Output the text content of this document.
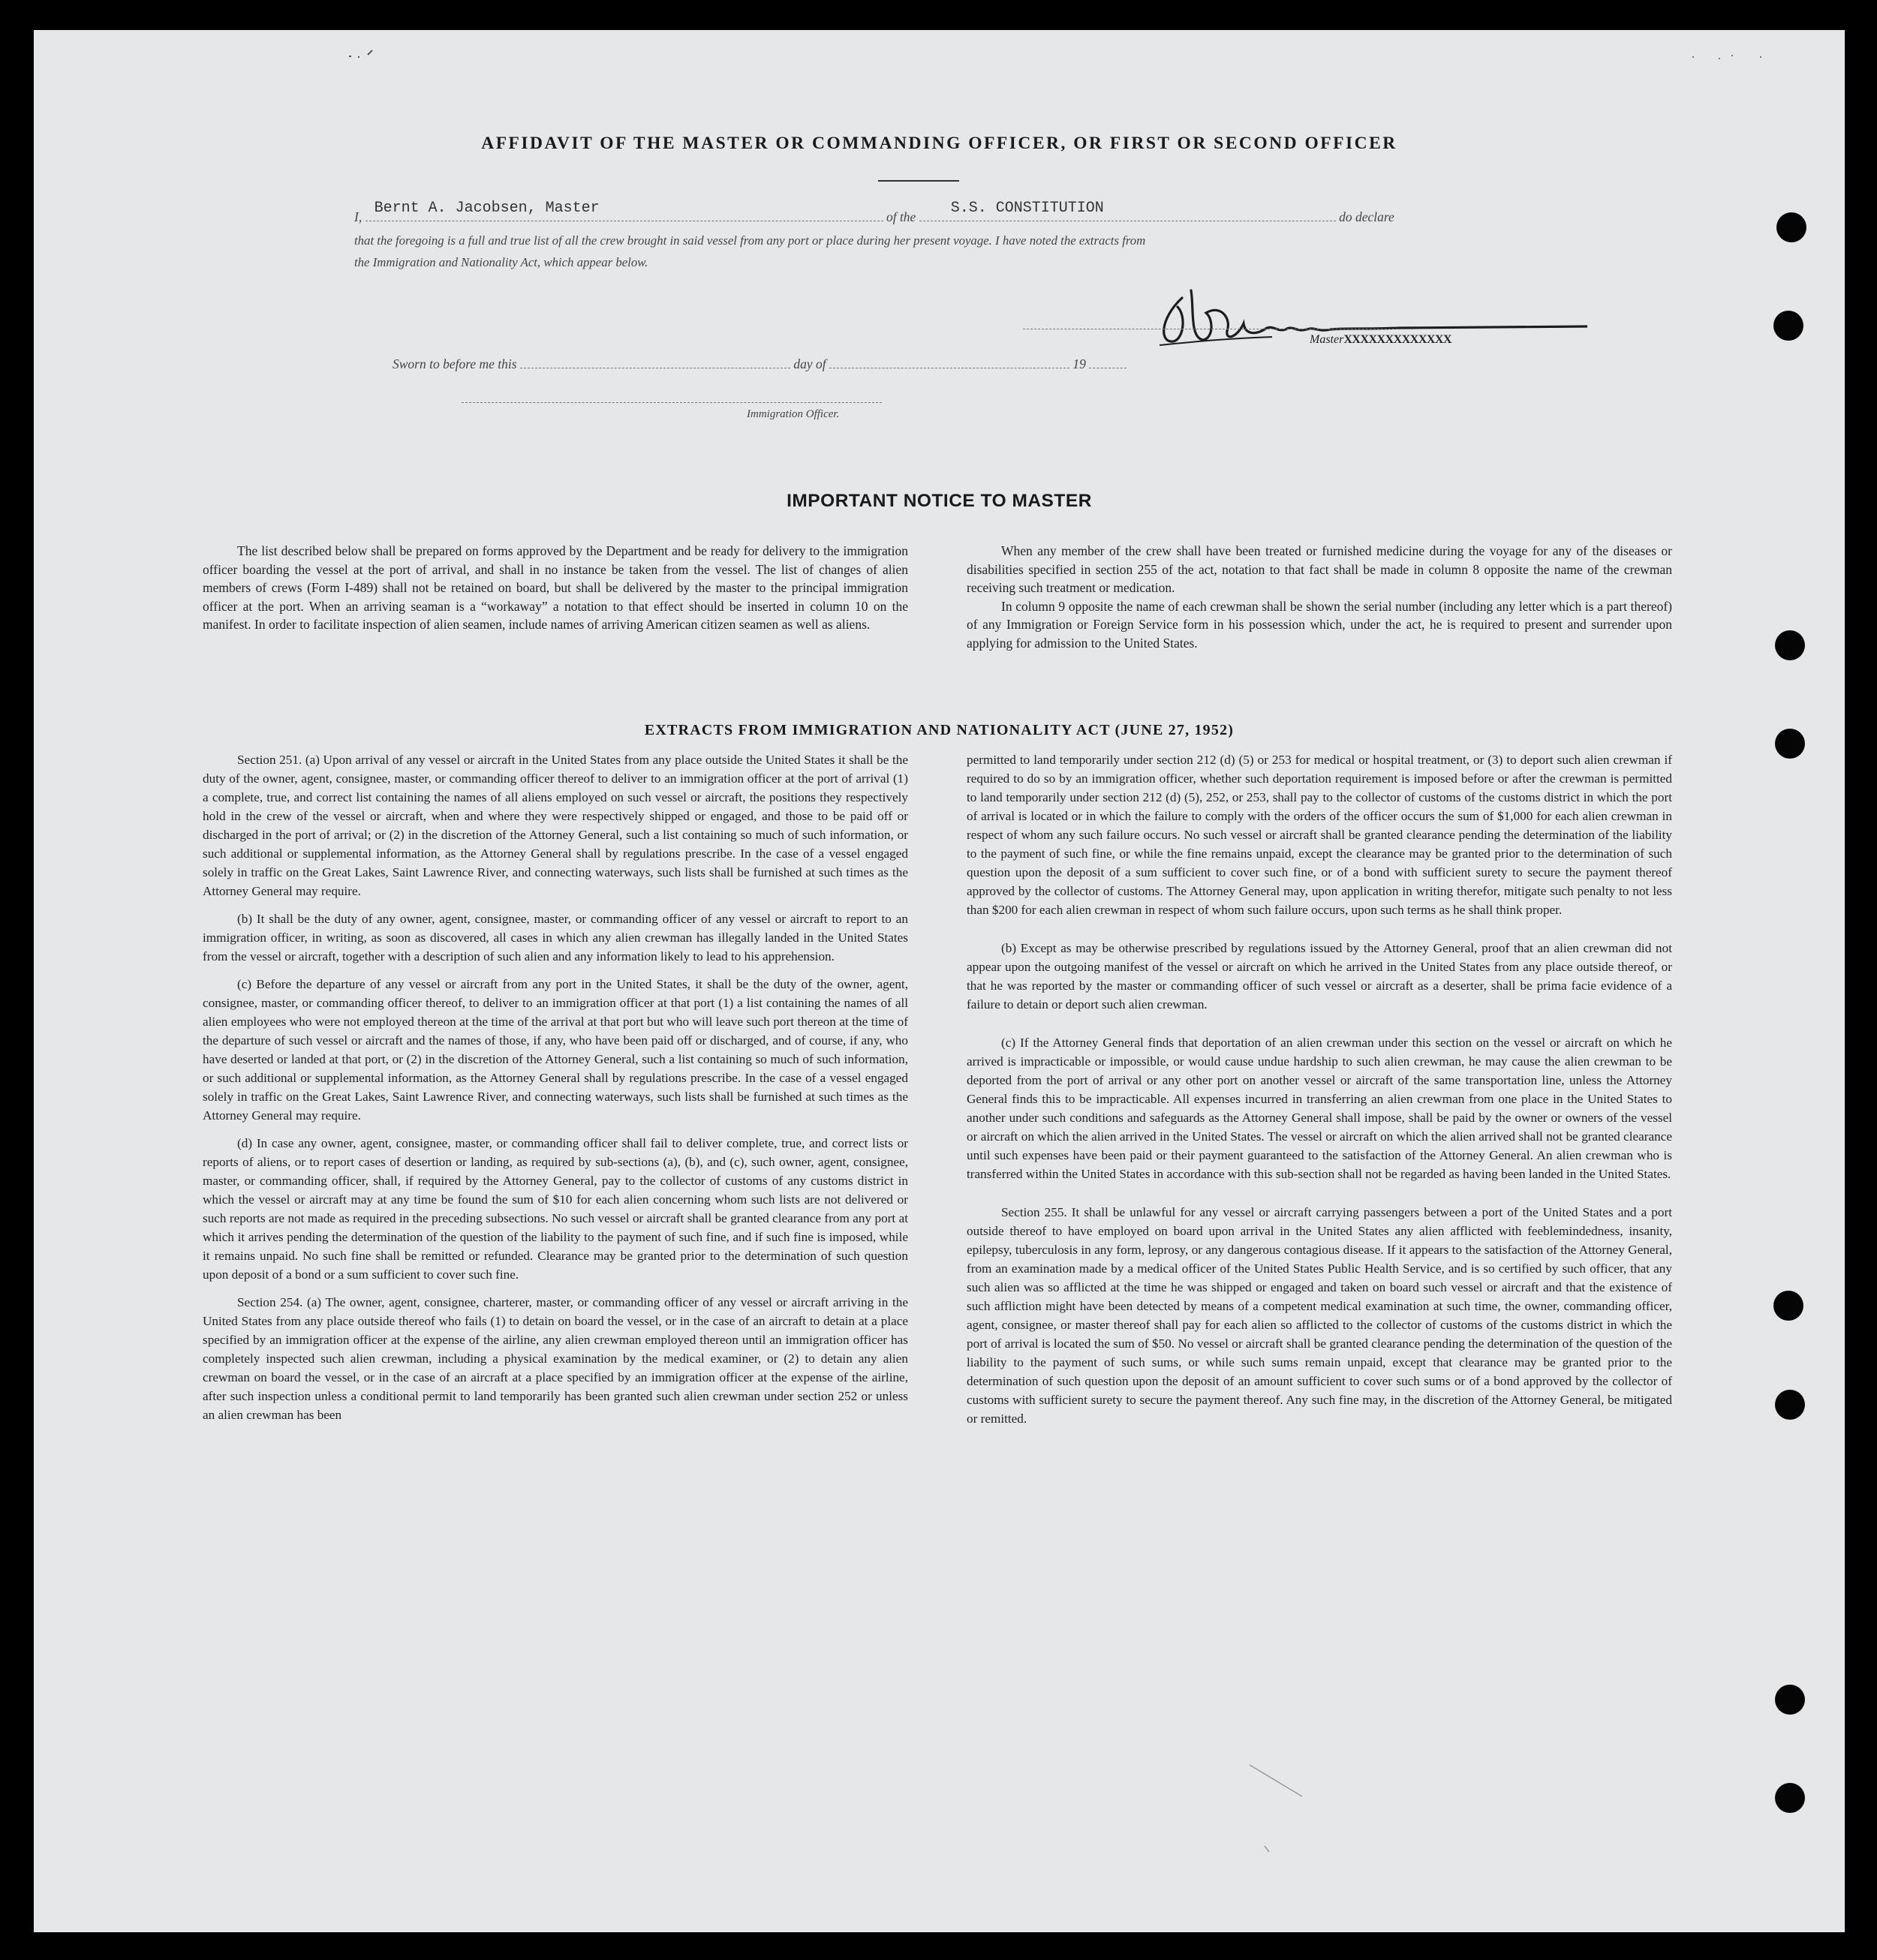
AFFIDAVIT OF THE MASTER OR COMMANDING OFFICER, OR FIRST OR SECOND OFFICER
I, Bernt A. Jacobsen, Master	of the S.S. CONSTITUTION	do declare
that the foregoing is a full and true list of all the crew brought in said vessel from any port or place during her present voyage. I have noted the extracts from
the Immigration and Nationality Act, which appear below.
MasterXXXXXXXXXXXXX
Sworn to before me this	day of	19
Immigration Officer.
IMPORTANT NOTICE TO MASTER

The list described below shall be prepared on forms approved by the Department and be ready for delivery to the immigration officer boarding the vessel at the port of arrival, and shall in no instance be taken from the vessel. The list of changes of alien members of crews (Form I-489) shall not be retained on board, but shall be delivered by the master to the principal immigration officer at the port. When an arriving seaman is a “workaway” a notation to that effect should be inserted in column 10 on the manifest. In order to facilitate inspection of alien seamen, include names of arriving American citizen seamen as well as aliens.

When any member of the crew shall have been treated or furnished medicine during the voyage for any of the diseases or disabilities specified in section 255 of the act, notation to that fact shall be made in column 8 opposite the name of the crewman receiving such treatment or medication.

In column 9 opposite the name of each crewman shall be shown the serial number (including any letter which is a part thereof) of any Immigration or Foreign Service form in his possession which, under the act, he is required to present and surrender upon applying for admission to the United States.

EXTRACTS FROM IMMIGRATION AND NATIONALITY ACT (JUNE 27, 1952)

Section 251. (a) Upon arrival of any vessel or aircraft in the United States from any place outside the United States it shall be the duty of the owner, agent, consignee, master, or commanding officer thereof to deliver to an immigration officer at the port of arrival (1) a complete, true, and correct list containing the names of all aliens employed on such vessel or aircraft, the positions they respectively hold in the crew of the vessel or aircraft, when and where they were respectively shipped or engaged, and those to be paid off or discharged in the port of arrival; or (2) in the discretion of the Attorney General, such a list containing so much of such information, or such additional or supplemental information, as the Attorney General shall by regulations prescribe. In the case of a vessel engaged solely in traffic on the Great Lakes, Saint Lawrence River, and connecting waterways, such lists shall be furnished at such times as the Attorney General may require.

(b) It shall be the duty of any owner, agent, consignee, master, or commanding officer of any vessel or aircraft to report to an immigration officer, in writing, as soon as discovered, all cases in which any alien crewman has illegally landed in the United States from the vessel or aircraft, together with a description of such alien and any information likely to lead to his apprehension.

(c) Before the departure of any vessel or aircraft from any port in the United States, it shall be the duty of the owner, agent, consignee, master, or commanding officer thereof, to deliver to an immigration officer at that port (1) a list containing the names of all alien employees who were not employed thereon at the time of the arrival at that port but who will leave such port thereon at the time of the departure of such vessel or aircraft and the names of those, if any, who have been paid off or discharged, and of course, if any, who have deserted or landed at that port, or (2) in the discretion of the Attorney General, such a list containing so much of such information, or such additional or supplemental information, as the Attorney General shall by regulations prescribe. In the case of a vessel engaged solely in traffic on the Great Lakes, Saint Lawrence River, and connecting waterways, such lists shall be furnished at such times as the Attorney General may require.

(d) In case any owner, agent, consignee, master, or commanding officer shall fail to deliver complete, true, and correct lists or reports of aliens, or to report cases of desertion or landing, as required by sub-sections (a), (b), and (c), such owner, agent, consignee, master, or commanding officer, shall, if required by the Attorney General, pay to the collector of customs of any customs district in which the vessel or aircraft may at any time be found the sum of $10 for each alien concerning whom such lists are not delivered or such reports are not made as required in the preceding subsections. No such vessel or aircraft shall be granted clearance from any port at which it arrives pending the determination of the question of the liability to the payment of such fine, and if such fine is imposed, while it remains unpaid. No such fine shall be remitted or refunded. Clearance may be granted prior to the determination of such question upon deposit of a bond or a sum sufficient to cover such fine.

Section 254. (a) The owner, agent, consignee, charterer, master, or commanding officer of any vessel or aircraft arriving in the United States from any place outside thereof who fails (1) to detain on board the vessel, or in the case of an aircraft to detain at a place specified by an immigration officer at the expense of the airline, any alien crewman employed thereon until an immigration officer has completely inspected such alien crewman, including a physical examination by the medical examiner, or (2) to detain any alien crewman on board the vessel, or in the case of an aircraft at a place specified by an immigration officer at the expense of the airline, after such inspection unless a conditional permit to land temporarily has been granted such alien crewman under section 252 or unless an alien crewman has been

permitted to land temporarily under section 212 (d) (5) or 253 for medical or hospital treatment, or (3) to deport such alien crewman if required to do so by an immigration officer, whether such deportation requirement is imposed before or after the crewman is permitted to land temporarily under section 212 (d) (5), 252, or 253, shall pay to the collector of customs of the customs district in which the port of arrival is located or in which the failure to comply with the orders of the officer occurs the sum of $1,000 for each alien crewman in respect of whom any such failure occurs. No such vessel or aircraft shall be granted clearance pending the determination of the liability to the payment of such fine, or while the fine remains unpaid, except the clearance may be granted prior to the determination of such question upon the deposit of a sum sufficient to cover such fine, or of a bond with sufficient surety to secure the payment thereof approved by the collector of customs. The Attorney General may, upon application in writing therefor, mitigate such penalty to not less than $200 for each alien crewman in respect of whom such failure occurs, upon such terms as he shall think proper.

(b) Except as may be otherwise prescribed by regulations issued by the Attorney General, proof that an alien crewman did not appear upon the outgoing manifest of the vessel or aircraft on which he arrived in the United States from any place outside thereof, or that he was reported by the master or commanding officer of such vessel or aircraft as a deserter, shall be prima facie evidence of a failure to detain or deport such alien crewman.

(c) If the Attorney General finds that deportation of an alien crewman under this section on the vessel or aircraft on which he arrived is impracticable or impossible, or would cause undue hardship to such alien crewman, he may cause the alien crewman to be deported from the port of arrival or any other port on another vessel or aircraft of the same transportation line, unless the Attorney General finds this to be impracticable. All expenses incurred in transferring an alien crewman from one place in the United States to another under such conditions and safeguards as the Attorney General shall impose, shall be paid by the owner or owners of the vessel or aircraft on which the alien arrived in the United States. The vessel or aircraft on which the alien arrived shall not be granted clearance until such expenses have been paid or their payment guaranteed to the satisfaction of the Attorney General. An alien crewman who is transferred within the United States in accordance with this sub-section shall not be regarded as having been landed in the United States.

Section 255. It shall be unlawful for any vessel or aircraft carrying passengers between a port of the United States and a port outside thereof to have employed on board upon arrival in the United States any alien afflicted with feeblemindedness, insanity, epilepsy, tuberculosis in any form, leprosy, or any dangerous contagious disease. If it appears to the satisfaction of the Attorney General, from an examination made by a medical officer of the United States Public Health Service, and is so certified by such officer, that any such alien was so afflicted at the time he was shipped or engaged and taken on board such vessel or aircraft and that the existence of such affliction might have been detected by means of a competent medical examination at such time, the owner, commanding officer, agent, consignee, or master thereof shall pay for each alien so afflicted to the collector of customs of the customs district in which the port of arrival is located the sum of $50. No vessel or aircraft shall be granted clearance pending the determination of the question of the liability to the payment of such sums, or while such sums remain unpaid, except that clearance may be granted prior to the determination of such question upon the deposit of an amount sufficient to cover such sums or of a bond approved by the collector of customs with sufficient surety to secure the payment thereof. Any such fine may, in the discretion of the Attorney General, be mitigated or remitted.
